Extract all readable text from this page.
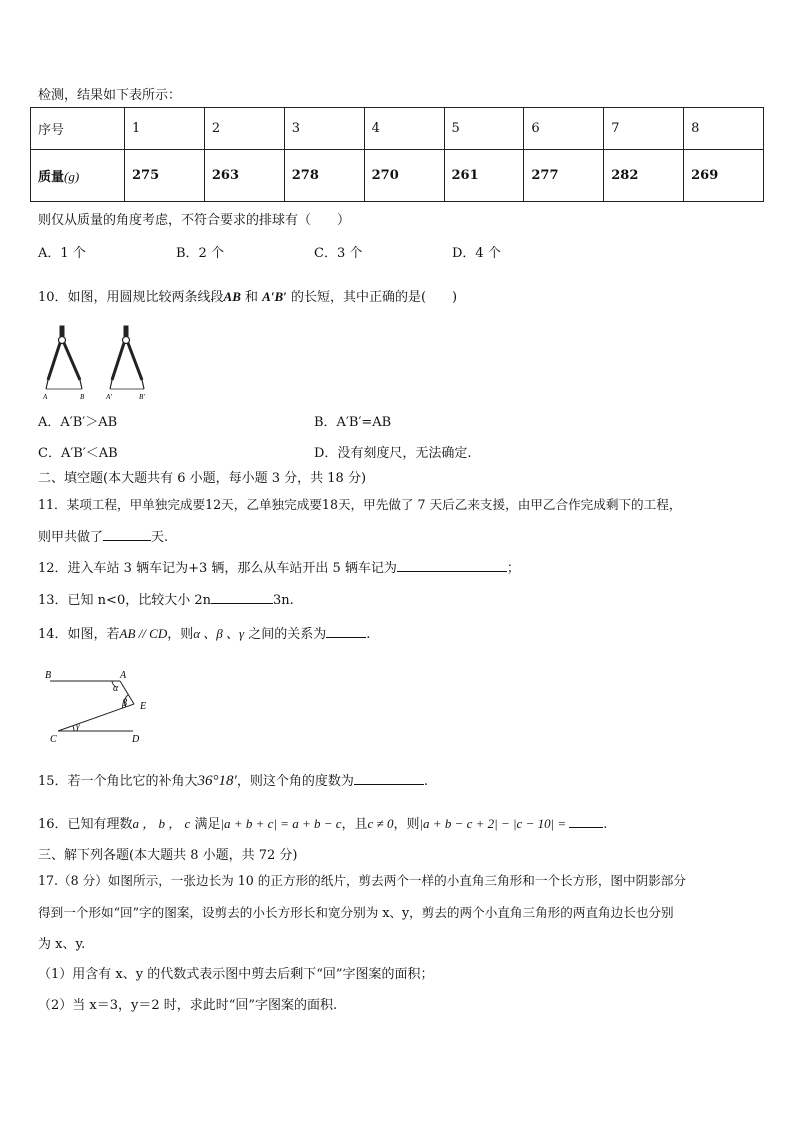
检测，结果如下表所示：
序号	1	2	3	4	5	6	7	8
质量(g)	275	263	278	270	261	277	282	269
则仅从质量的角度考虑，不符合要求的排球有（　　）
A．1 个	B．2 个	C．3 个	D．4 个
10．如图，用圆规比较两条线段AB 和 A′B′ 的长短，其中正确的是(　　)
A	B	A′	B′
A．A′B′＞AB	B．A′B′=AB
C．A′B′＜AB	D．没有刻度尺，无法确定.
二、填空题(本大题共有 6 小题，每小题 3 分，共 18 分)
11．某项工程，甲单独完成要12天，乙单独完成要18天，甲先做了 7 天后乙来支援，由甲乙合作完成剩下的工程，
则甲共做了	天.
12．进入车站 3 辆车记为+3 辆，那么从车站开出 5 辆车记为	；
13．已知 n<0，比较大小 2n	3n.
14．如图，若AB // CD，则α 、β 、γ 之间的关系为	.
B	A
α
β E
γ
C	D
15．若一个角比它的补角大36°18′，则这个角的度数为	.
16．已知有理数a ， b ， c 满足|a + b + c| = a + b − c，且c ≠ 0，则|a + b − c + 2| − |c − 10| =	.
三、解下列各题(本大题共 8 小题，共 72 分)
17.（8 分）如图所示，一张边长为 10 的正方形的纸片，剪去两个一样的小直角三角形和一个长方形，图中阴影部分
得到一个形如“回”字的图案，设剪去的小长方形长和宽分别为 x、y，剪去的两个小直角三角形的两直角边长也分别
为 x、y.
（1）用含有 x、y 的代数式表示图中剪去后剩下“回”字图案的面积；
（2）当 x＝3，y＝2 时，求此时“回”字图案的面积.
